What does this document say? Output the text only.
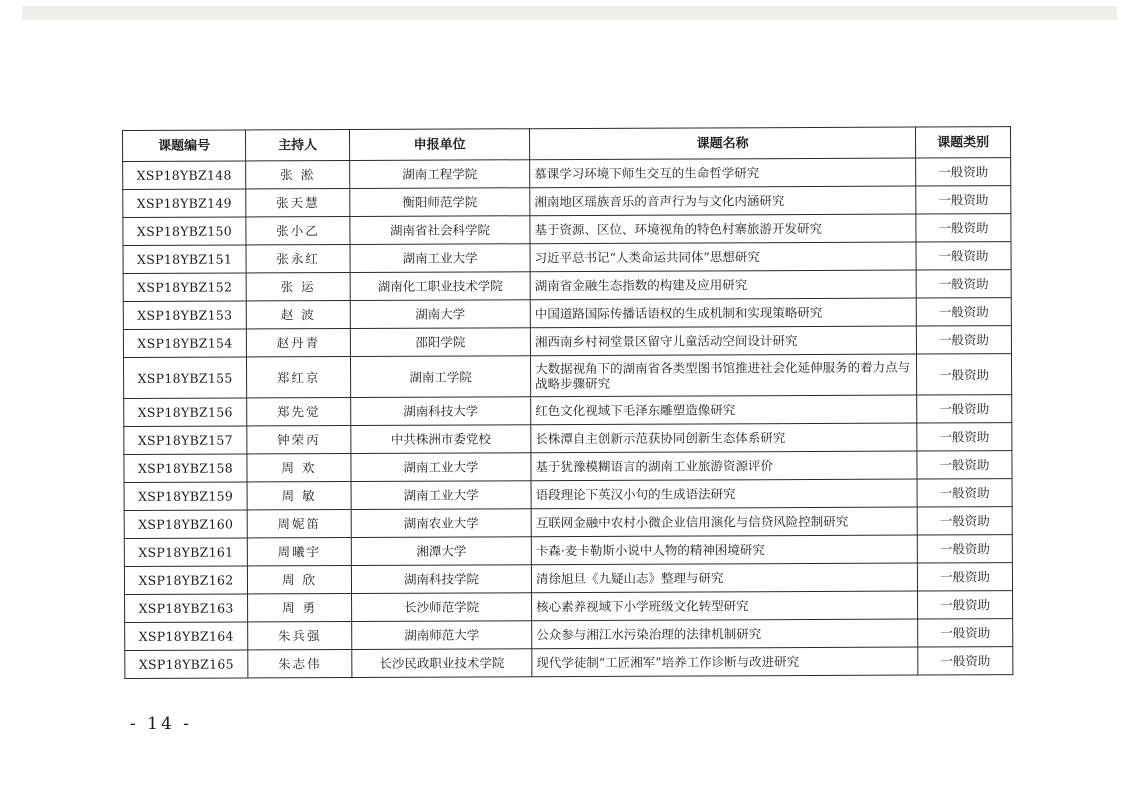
课题编号	主持人	申报单位	课题名称	课题类别
XSP18YBZ148	张 淞	湖南工程学院	慕课学习环境下师生交互的生命哲学研究	一般资助
XSP18YBZ149	张天慧	衡阳师范学院	湘南地区瑶族音乐的音声行为与文化内涵研究	一般资助
XSP18YBZ150	张小乙	湖南省社会科学院	基于资源、区位、环境视角的特色村寨旅游开发研究	一般资助
XSP18YBZ151	张永红	湖南工业大学	习近平总书记“人类命运共同体”思想研究	一般资助
XSP18YBZ152	张 运	湖南化工职业技术学院	湖南省金融生态指数的构建及应用研究	一般资助
XSP18YBZ153	赵 波	湖南大学	中国道路国际传播话语权的生成机制和实现策略研究	一般资助
XSP18YBZ154	赵丹青	邵阳学院	湘西南乡村祠堂景区留守儿童活动空间设计研究	一般资助
XSP18YBZ155	郑红京	湖南工学院	大数据视角下的湖南省各类型图书馆推进社会化延伸服务的着力点与战略步骤研究	一般资助
XSP18YBZ156	郑先觉	湖南科技大学	红色文化视域下毛泽东雕塑造像研究	一般资助
XSP18YBZ157	钟荣丙	中共株洲市委党校	长株潭自主创新示范获协同创新生态体系研究	一般资助
XSP18YBZ158	周 欢	湖南工业大学	基于犹豫模糊语言的湖南工业旅游资源评价	一般资助
XSP18YBZ159	周 敏	湖南工业大学	语段理论下英汉小句的生成语法研究	一般资助
XSP18YBZ160	周妮笛	湖南农业大学	互联网金融中农村小微企业信用演化与信贷风险控制研究	一般资助
XSP18YBZ161	周曦宇	湘潭大学	卡森·麦卡勒斯小说中人物的精神困境研究	一般资助
XSP18YBZ162	周 欣	湖南科技学院	清徐旭旦《九疑山志》整理与研究	一般资助
XSP18YBZ163	周 勇	长沙师范学院	核心素养视域下小学班级文化转型研究	一般资助
XSP18YBZ164	朱兵强	湖南师范大学	公众参与湘江水污染治理的法律机制研究	一般资助
XSP18YBZ165	朱志伟	长沙民政职业技术学院	现代学徒制“工匠湘军”培养工作诊断与改进研究	一般资助
- 14 -
